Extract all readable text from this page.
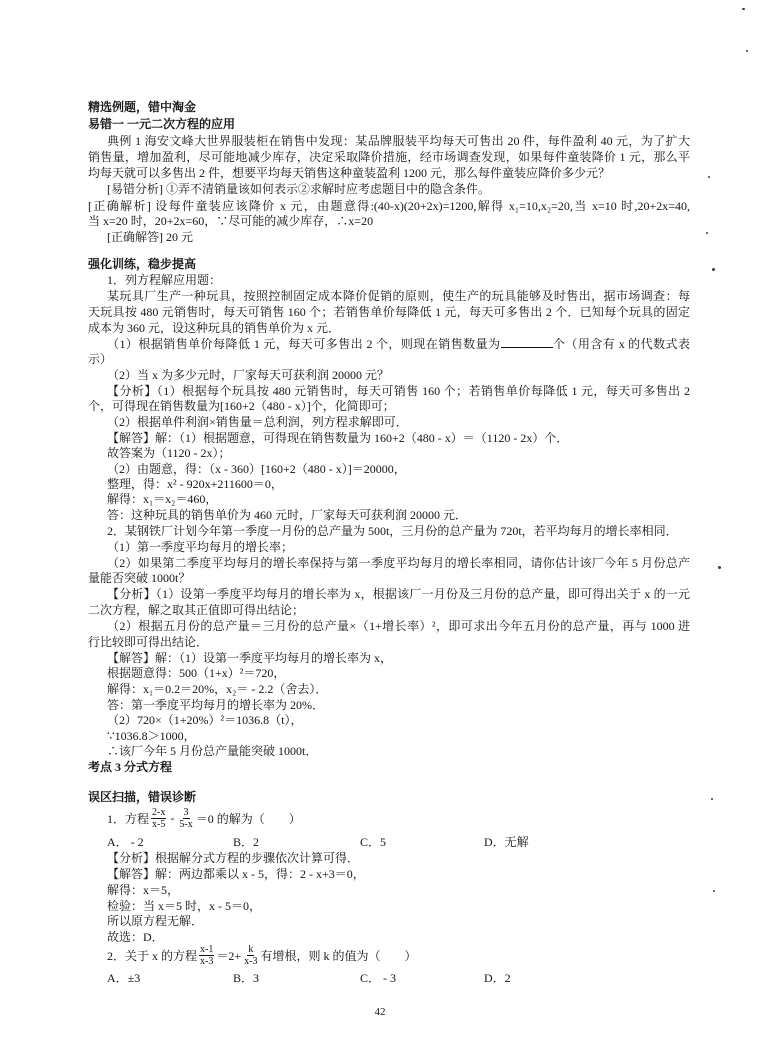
精选例题，错中淘金
易错一 一元二次方程的应用
典例 1 海安文峰大世界服装柜在销售中发现：某品牌服装平均每天可售出 20 件，每件盈利 40 元，为了扩大
销售量，增加盈利，尽可能地减少库存，决定采取降价措施，经市场调查发现，如果每件童装降价 1 元，那么平
均每天就可以多售出 2 件，想要平均每天销售这种童装盈利 1200 元，那么每件童装应降价多少元？
[易错分析] ①弄不清销量该如何表示②求解时应考虑题目中的隐含条件。
[正确解析] 设每件童装应该降价 x 元，由题意得:(40-x)(20+2x)=1200,解得 x₁=10,x₂=20,当 x=10 时,20+2x=40,
当 x=20 时，20+2x=60，∵尽可能的减少库存，∴x=20
[正确解答] 20 元
强化训练，稳步提高
1．列方程解应用题：
某玩具厂生产一种玩具，按照控制固定成本降价促销的原则，使生产的玩具能够及时售出，据市场调查：每
天玩具按 480 元销售时，每天可销售 160 个；若销售单价每降低 1 元，每天可多售出 2 个．已知每个玩具的固定
成本为 360 元，设这种玩具的销售单价为 x 元．
（1）根据销售单价每降低 1 元，每天可多售出 2 个，则现在销售数量为	个（用含有 x 的代数式表
示）
（2）当 x 为多少元时，厂家每天可获利润 20000 元？
【分析】（1）根据每个玩具按 480 元销售时，每天可销售 160 个；若销售单价每降低 1 元，每天可多售出 2
个，可得现在销售数量为[160+2（480 - x）]个，化简即可；
（2）根据单件利润×销售量＝总利润，列方程求解即可．
【解答】解：（1）根据题意，可得现在销售数量为 160+2（480 - x）＝（1120 - 2x）个．
故答案为（1120 - 2x）；
（2）由题意，得：（x - 360）[160+2（480 - x）]＝20000，
整理，得：x² - 920x+211600＝0，
解得：x₁＝x₂＝460，
答：这种玩具的销售单价为 460 元时，厂家每天可获利润 20000 元．
2．某钢铁厂计划今年第一季度一月份的总产量为 500t，三月份的总产量为 720t，若平均每月的增长率相同．
（1）第一季度平均每月的增长率；
（2）如果第二季度平均每月的增长率保持与第一季度平均每月的增长率相同，请你估计该厂今年 5 月份总产
量能否突破 1000t？
【分析】（1）设第一季度平均每月的增长率为 x，根据该厂一月份及三月份的总产量，即可得出关于 x 的一元
二次方程，解之取其正值即可得出结论；
（2）根据五月份的总产量＝三月份的总产量×（1+增长率）²，即可求出今年五月份的总产量，再与 1000 进
行比较即可得出结论．
【解答】解：（1）设第一季度平均每月的增长率为 x，
根据题意得：500（1+x）²＝720，
解得：x₁＝0.2＝20%，x₂＝ - 2.2（舍去）．
答：第一季度平均每月的增长率为 20%．
（2）720×（1+20%）²＝1036.8（t），
∵1036.8＞1000，
∴该厂今年 5 月份总产量能突破 1000t．
考点 3 分式方程
误区扫描，错误诊断
1．方程 $\frac{2-x}{x-5} - \frac{3}{5-x} =0$ 的解为（　　）
A． - 2	B．2	C．5	D．无解
【分析】根据解分式方程的步骤依次计算可得．
【解答】解：两边都乘以 x - 5，得：2 - x+3＝0，
解得：x＝5，
检验：当 x＝5 时，x - 5＝0，
所以原方程无解．
故选：D．
2．关于 x 的方程 $\frac{x-1}{x-3} =2+ \frac{k}{x-3}$ 有增根，则 k 的值为（　　）
A．±3	B．3	C． - 3	D．2
42
